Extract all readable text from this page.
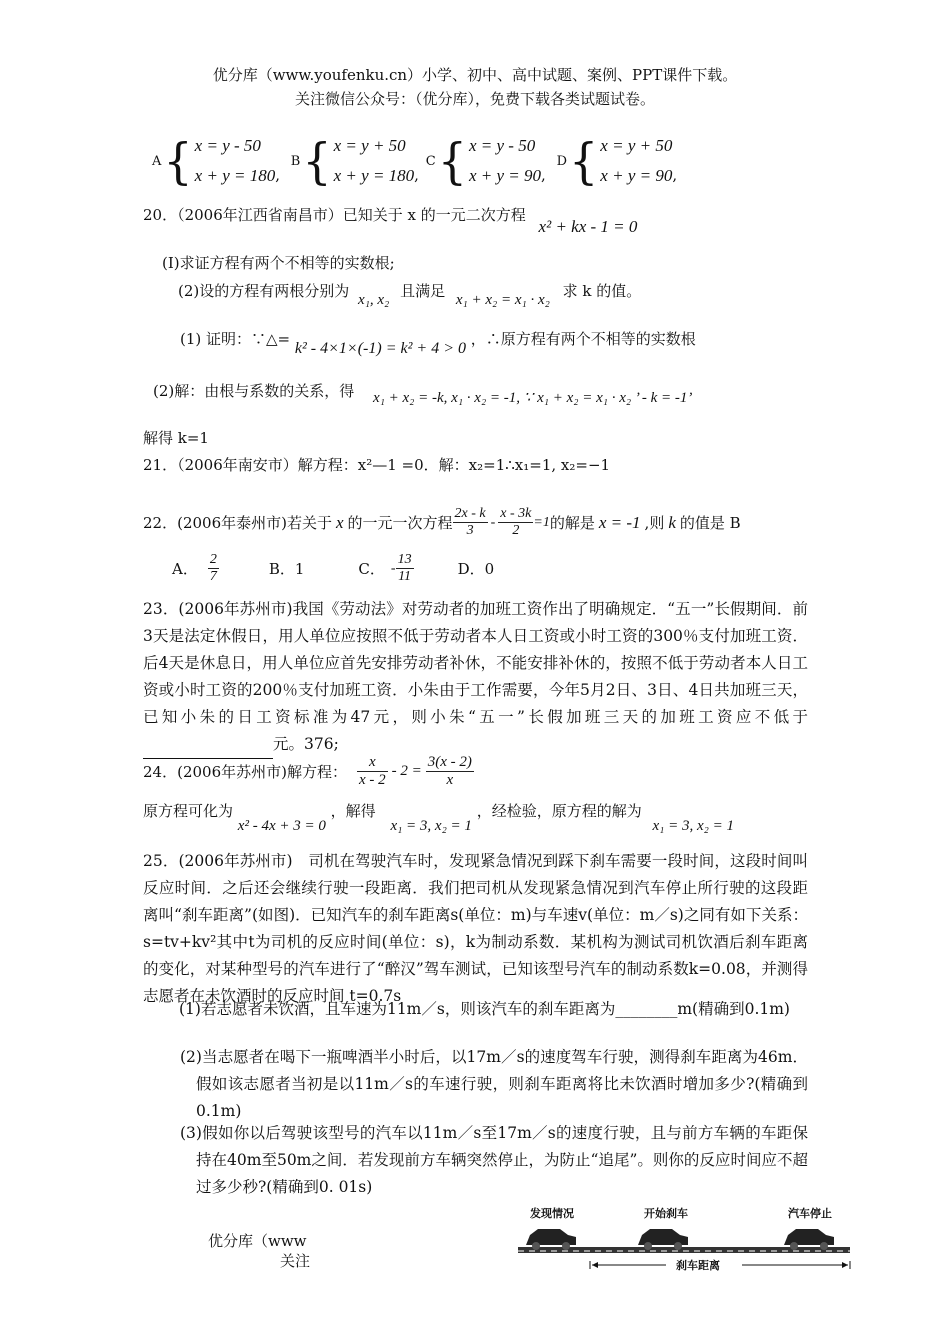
优分库（www.youfenku.cn）小学、初中、高中试题、案例、PPT课件下载。
关注微信公众号：（优分库），免费下载各类试题试卷。
A { x = y - 50
x + y = 180 ,

B { x = y + 50
x + y = 180 ,

C { x = y - 50
x + y = 90 ,

D { x = y + 50
x + y = 90 ,
20．（2006年江西省南昌市）已知关于 x 的一元二次方程 x² + kx - 1 = 0
(I)求证方程有两个不相等的实数根;
(2)设的方程有两根分别为 x₁, x₂ 且满足 x₁ + x₂ = x₁ · x₂ 求 k 的值。
(1) 证明：∵△= k² - 4×1×(-1) = k² + 4 > 0 ，∴原方程有两个不相等的实数根
(2)解：由根与系数的关系，得 x₁ + x₂ = -k, x₁ · x₂ = -1, ∵ x₁ + x₂ = x₁ · x₂ ’ - k = -1’
解得 k=1
21．（2006年南安市）解方程：x²—1 =0．解：x₂=1∴x₁=1, x₂=−1
22．(2006年泰州市)若关于 x 的一元一次方程 $\frac{2x - k}{3} - \frac{x - 3k}{2} =1$ 的解是 x = -1 ,则 k 的值是 B
A． $\frac{2}{7}$	B．1	C． - $\frac{13}{11}$	D．0
23．(2006年苏州市)我国《劳动法》对劳动者的加班工资作出了明确规定．“五一”长假期间．前3天是法定休假日，用人单位应按照不低于劳动者本人日工资或小时工资的300％支付加班工资．后4天是休息日，用人单位应首先安排劳动者补休，不能安排补休的，按照不低于劳动者本人日工资或小时工资的200％支付加班工资．小朱由于工作需要，今年5月2日、3日、4日共加班三天，已知小朱的日工资标准为47元，则小朱“五一”长假加班三天的加班工资应不低于 元。376;
24．(2006年苏州市)解方程： $\frac{x}{x - 2} - 2 = \frac{3(x - 2)}{x}$
原方程可化为 x² - 4x + 3 = 0 ，解得 x₁ = 3, x₂ = 1 ，经检验，原方程的解为 x₁ = 3, x₂ = 1
25．(2006年苏州市)　司机在驾驶汽车时，发现紧急情况到踩下刹车需要一段时间，这段时间叫反应时间．之后还会继续行驶一段距离．我们把司机从发现紧急情况到汽车停止所行驶的这段距离叫“刹车距离”(如图)．已知汽车的刹车距离s(单位：m)与车速v(单位：m／s)之同有如下关系：s=tv+kv²其中t为司机的反应时间(单位：s)，k为制动系数．某机构为测试司机饮酒后刹车距离的变化，对某种型号的汽车进行了“醉汉”驾车测试，已知该型号汽车的制动系数k=0.08，并测得志愿者在未饮酒时的反应时间 t=0.7s
(1)若志愿者未饮酒，且车速为11m／s，则该汽车的刹车距离为________m(精确到0.1m)
(2)当志愿者在喝下一瓶啤酒半小时后，以17m／s的速度驾车行驶，测得刹车距离为46m．假如该志愿者当初是以11m／s的车速行驶，则刹车距离将比未饮酒时增加多少?(精确到0.1m)
(3)假如你以后驾驶该型号的汽车以11m／s至17m／s的速度行驶，且与前方车辆的车距保持在40m至50m之间．若发现前方车辆突然停止，为防止“追尾”。则你的反应时间应不超过多少秒?(精确到0. 01s)
优分库（www
关注
发现情况	开始刹车	汽车停止
刹车距离
